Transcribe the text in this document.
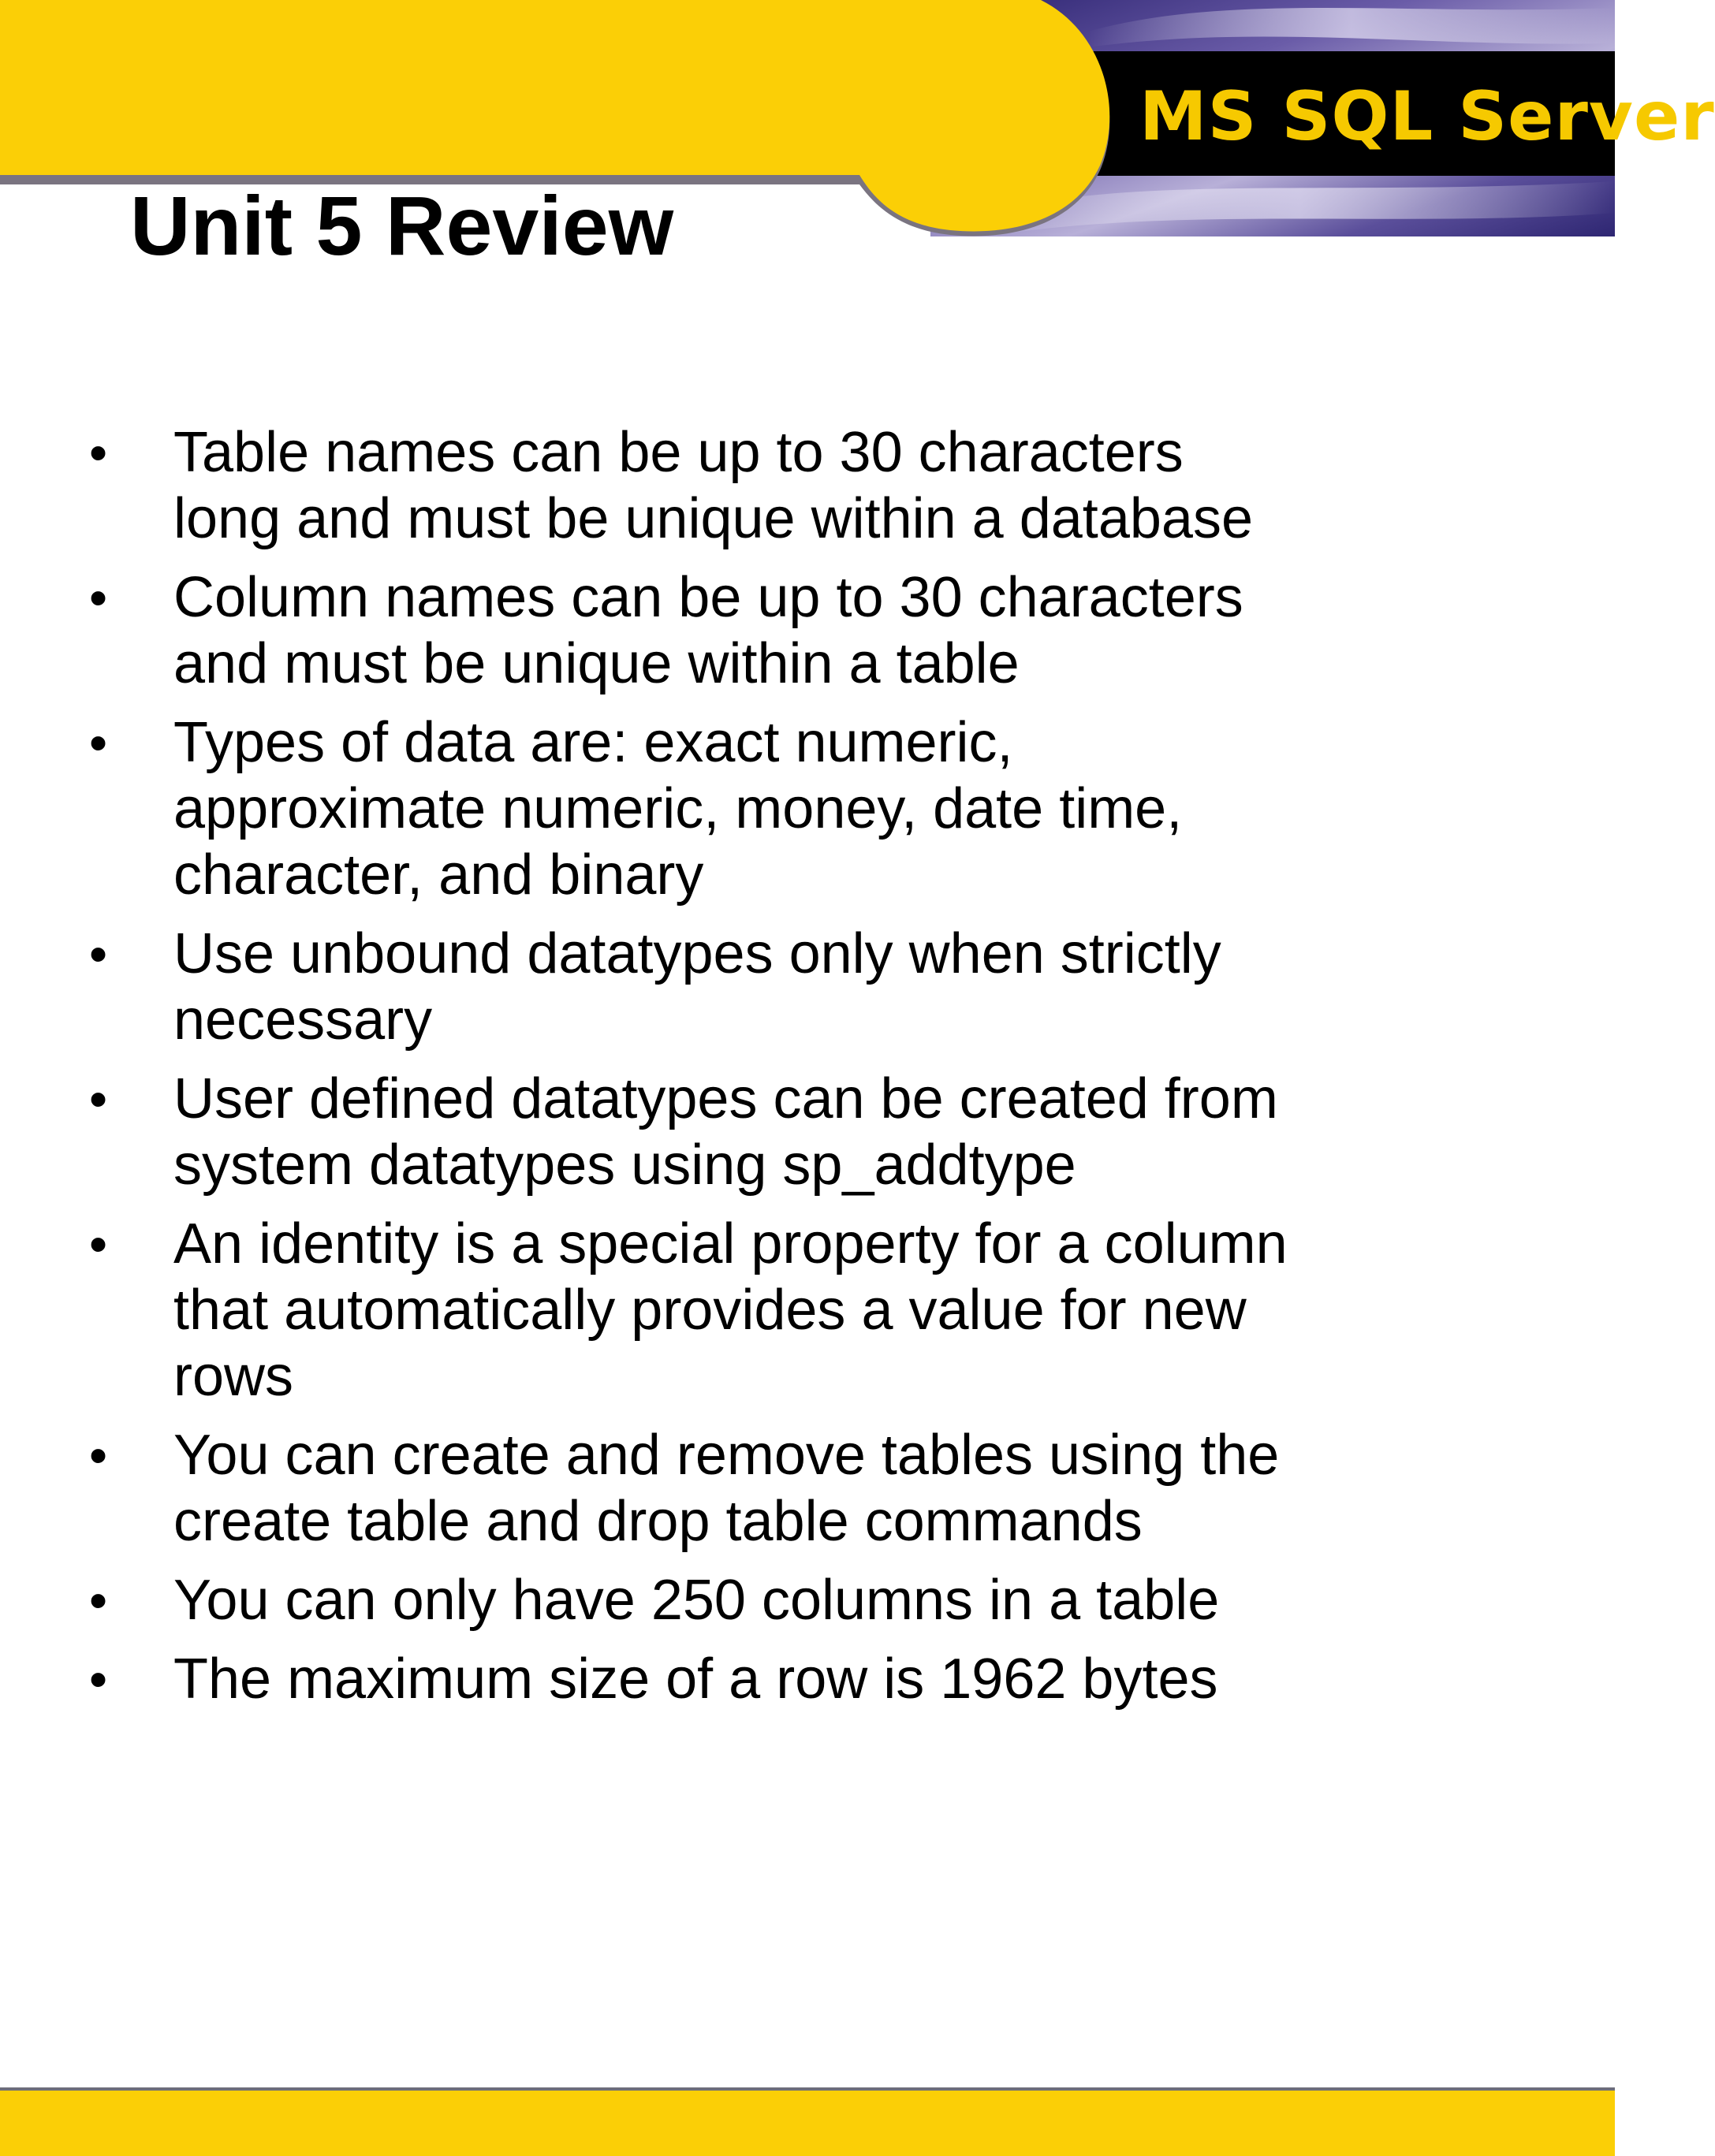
MS SQL Server
Unit 5 Review
• Table names can be up to 30 characters
long and must be unique within a database
• Column names can be up to 30 characters
and must be unique within a table
• Types of data are: exact numeric,
approximate numeric, money, date time,
character, and binary
• Use unbound datatypes only when strictly
necessary
• User defined datatypes can be created from
system datatypes using sp_addtype
• An identity is a special property for a column
that automatically provides a value for new
rows
• You can create and remove tables using the
create table and drop table commands
• You can only have 250 columns in a table
• The maximum size of a row is 1962 bytes
